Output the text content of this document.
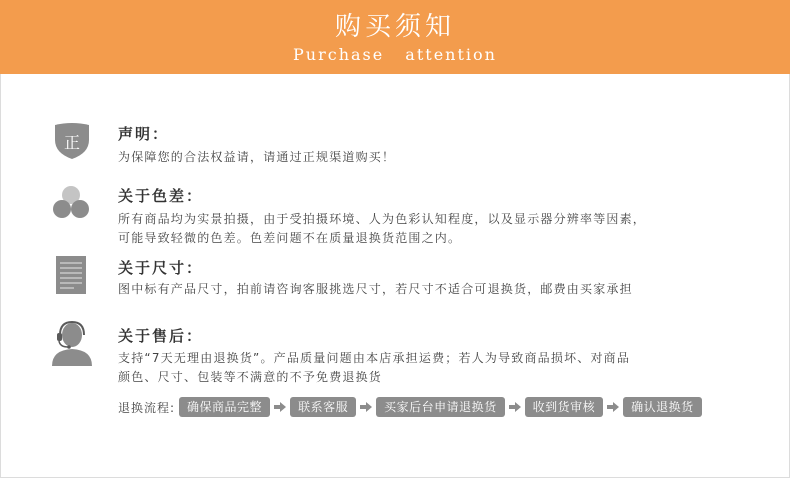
购买须知
Purchase attention
正	声明：
为保障您的合法权益请，请通过正规渠道购买！
关于色差：
所有商品均为实景拍摄，由于受拍摄环境、人为色彩认知程度，以及显示器分辨率等因素，
可能导致轻微的色差。色差问题不在质量退换货范围之内。
关于尺寸：
图中标有产品尺寸，拍前请咨询客服挑选尺寸，若尺寸不适合可退换货，邮费由买家承担
关于售后：
支持“7天无理由退换货”。产品质量问题由本店承担运费；若人为导致商品损坏、对商品
颜色、尺寸、包装等不满意的不予免费退换货
退换流程:	确保商品完整	联系客服	买家后台申请退换货	收到货审核	确认退换货
